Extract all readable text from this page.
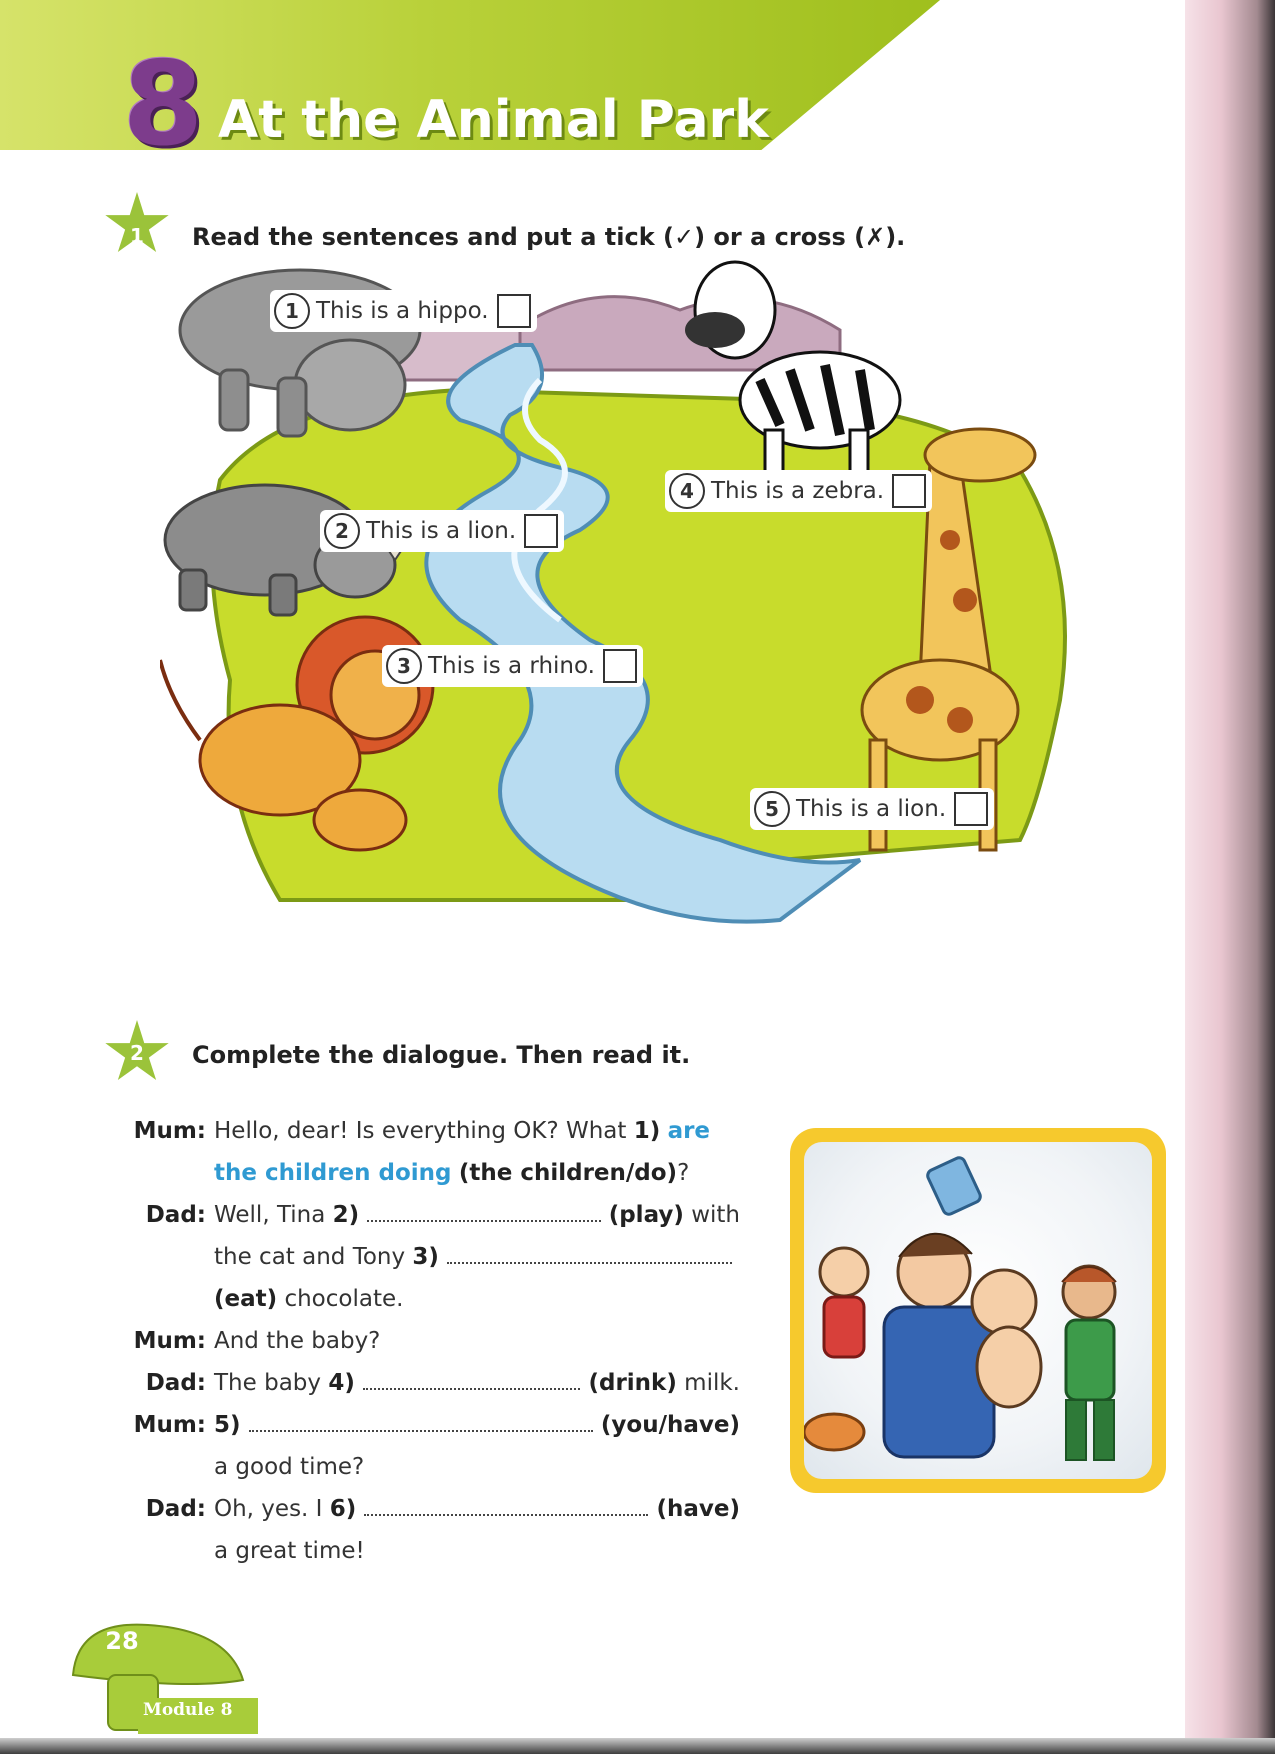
8 At the Animal Park
1	Read the sentences and put a tick (✓) or a cross (✗).
1 This is a hippo.
2 This is a lion.
3 This is a rhino.
4 This is a zebra.
5 This is a lion.
2	Complete the dialogue. Then read it.
Mum: Hello, dear! Is everything OK? What
1)
are
the children doing
(the children/do) ?
Dad: Well, Tina
2)	(play)
with
the cat and Tony
3)
(eat)
chocolate.
Mum: And the baby?
Dad: The baby
4)	(drink)
milk.
Mum: 5)	(you/have)
a good time?
Dad: Oh, yes. I
6)	(have)
a great time!
28
Module 8
